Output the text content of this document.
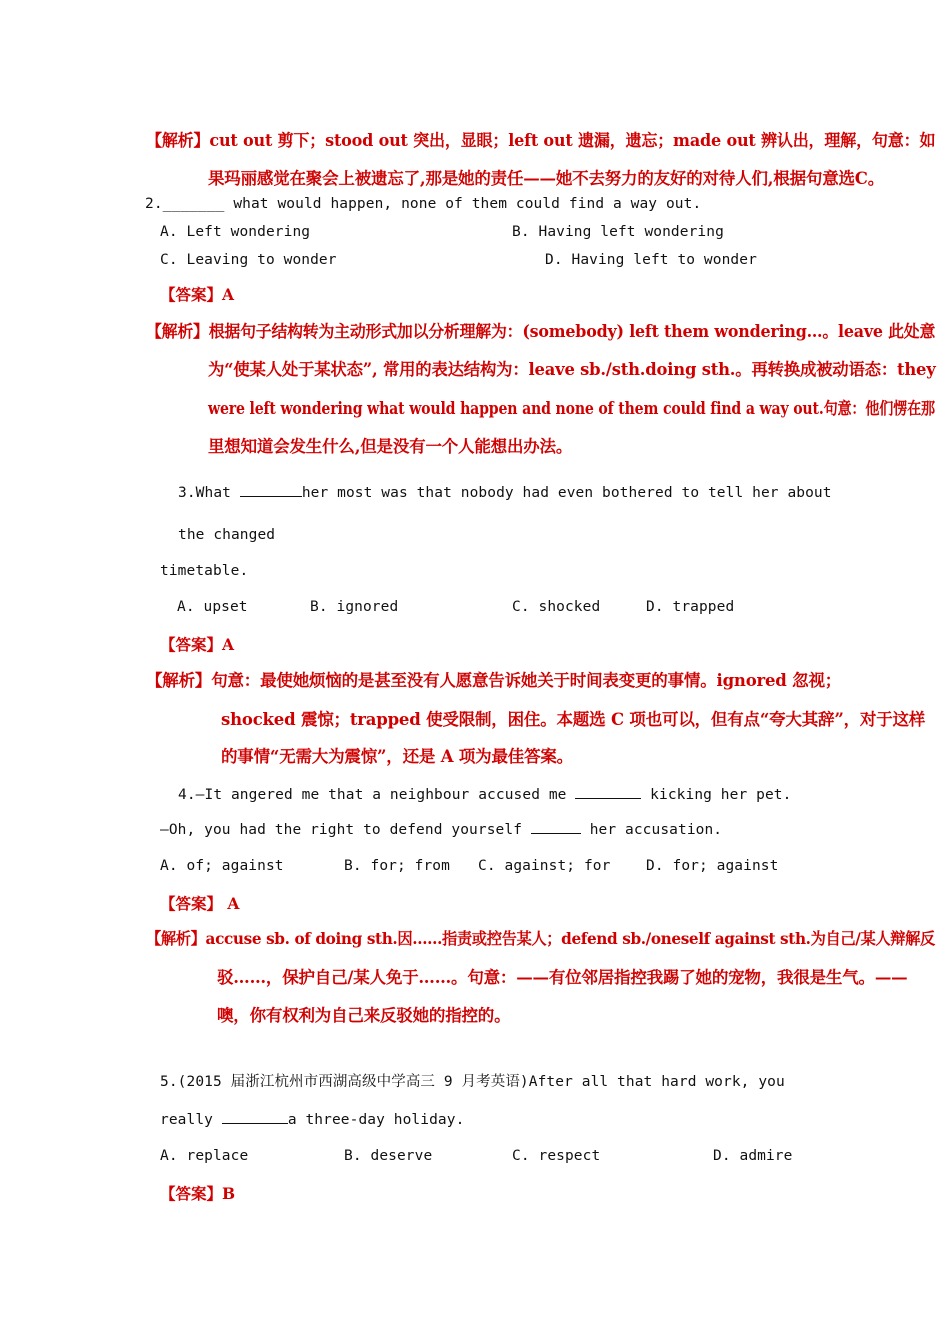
【解析】cut out 剪下；stood out 突出，显眼；left out 遗漏，遗忘；made out 辨认出，理解，句意：如
果玛丽感觉在聚会上被遗忘了,那是她的责任——她不去努力的友好的对待人们,根据句意选C。
2._______ what would happen, none of them could find a way out.
A. Left wondering	B. Having left wondering
C. Leaving to wonder	D. Having left to wonder
【答案】A
【解析】根据句子结构转为主动形式加以分析理解为：(somebody) left them wondering…。leave 此处意
为“使某人处于某状态”, 常用的表达结构为：leave sb./sth.doing sth.。再转换成被动语态：they
were left wondering what would happen and none of them could find a way out.句意：他们愣在那
里想知道会发生什么,但是没有一个人能想出办法。
3.What	her most was that nobody had even bothered to tell her about
the changed
timetable.
A. upset	B. ignored	C. shocked	D. trapped
【答案】A
【解析】句意：最使她烦恼的是甚至没有人愿意告诉她关于时间表变更的事情。ignored 忽视；
shocked 震惊；trapped 使受限制，困住。本题选 C 项也可以，但有点“夸大其辞”，对于这样
的事情“无需大为震惊”，还是 A 项为最佳答案。
4.—It angered me that a neighbour accused me	kicking her pet.
—Oh, you had the right to defend yourself	her accusation.
A. of; against	B. for; from C. against; for D. for; against
【答案】 A
【解析】accuse sb. of doing sth.因……指责或控告某人；defend sb./oneself against sth.为自己/某人辩解反
驳……，保护自己/某人免于……。句意：——有位邻居指控我踢了她的宠物，我很是生气。——
噢，你有权利为自己来反驳她的指控的。
5.(2015 届浙江杭州市西湖高级中学高三 9 月考英语)After all that hard work, you
really	a three-day holiday.
A. replace	B. deserve	C. respect	D. admire
【答案】B
